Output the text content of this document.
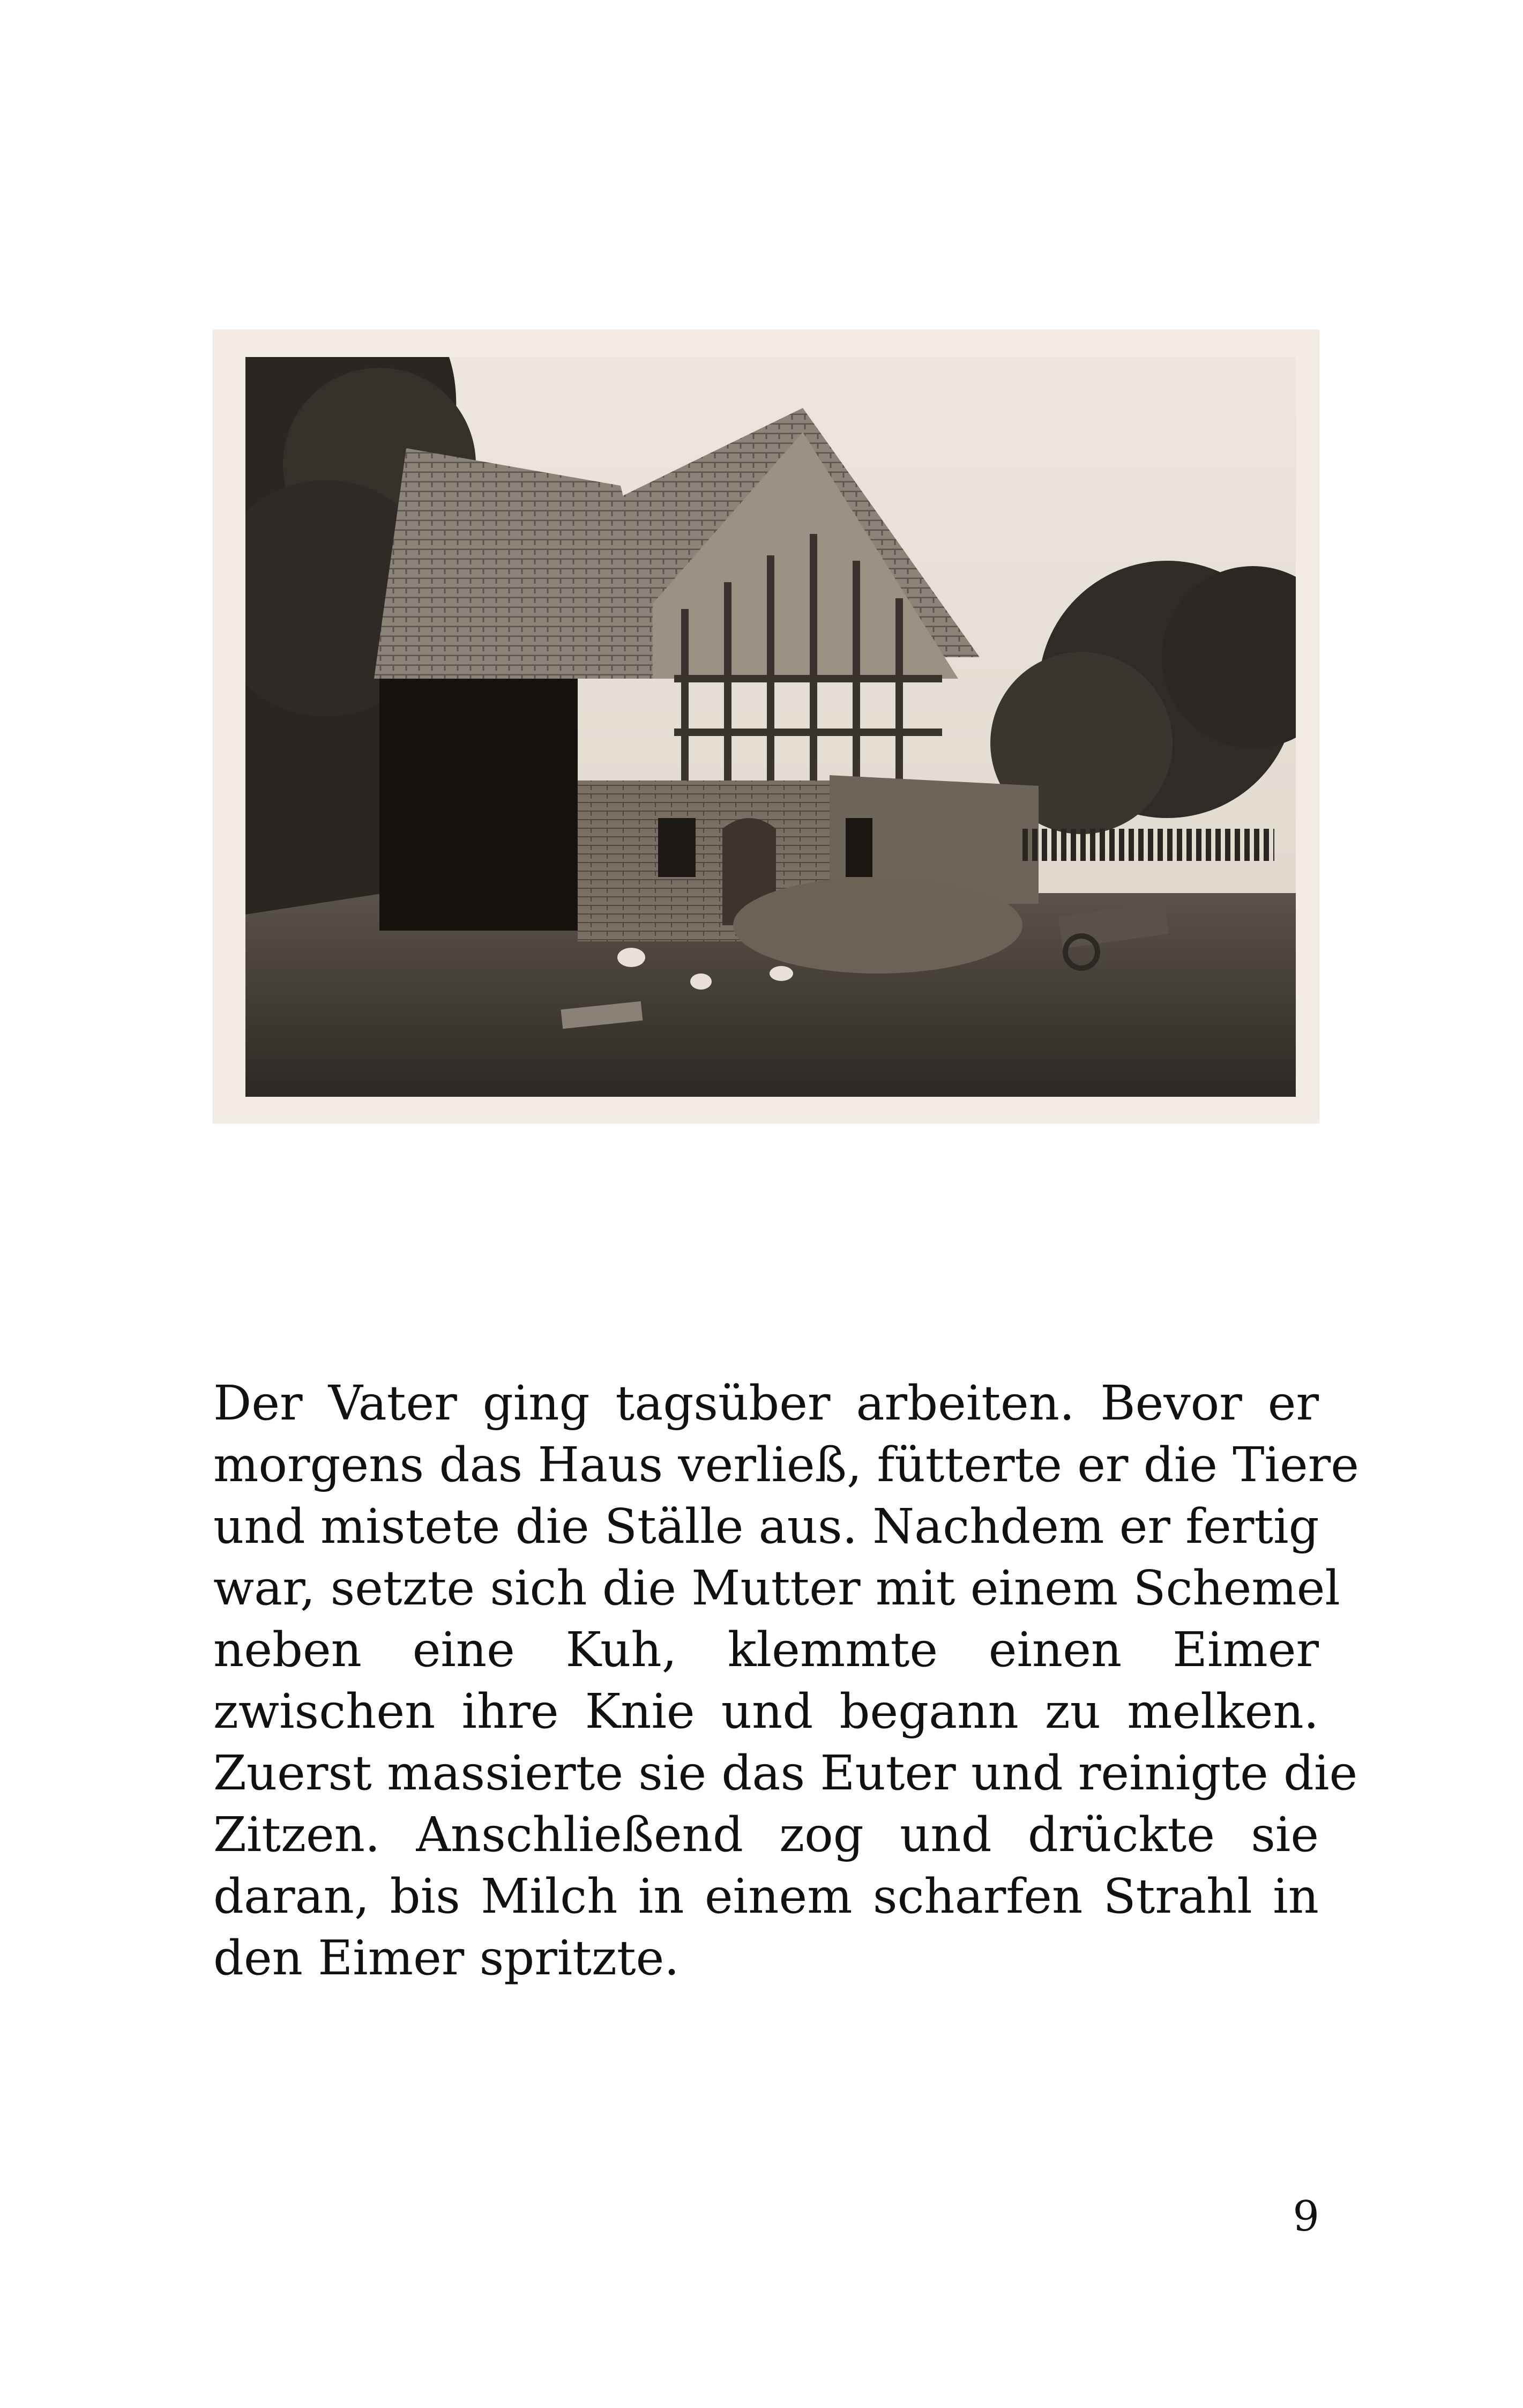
Der Vater ging tagsüber arbeiten. Bevor er
morgens das Haus verließ, fütterte er die Tiere
und mistete die Ställe aus. Nachdem er fertig
war, setzte sich die Mutter mit einem Schemel
neben eine Kuh, klemmte einen Eimer
zwischen ihre Knie und begann zu melken.
Zuerst massierte sie das Euter und reinigte die
Zitzen. Anschließend zog und drückte sie
daran, bis Milch in einem scharfen Strahl in
den Eimer spritzte.
9
